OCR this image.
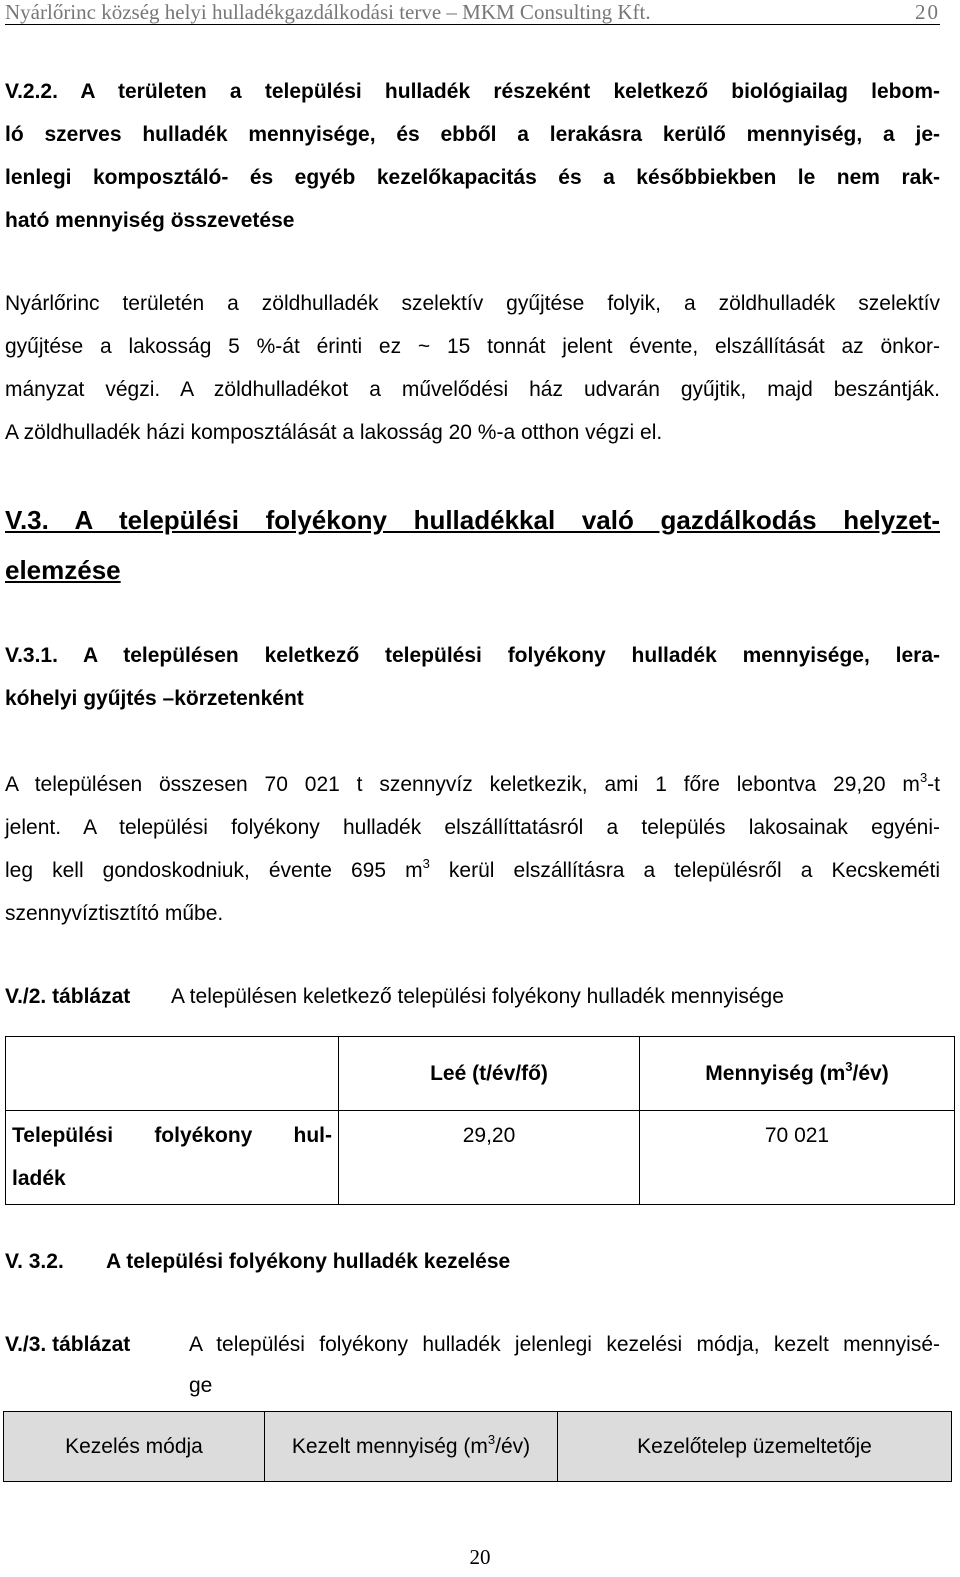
Nyárlőrinc község helyi hulladékgazdálkodási terve – MKM Consulting Kft.	20
V.2.2. A területen a települési hulladék részeként keletkező biológiailag lebom-
ló szerves hulladék mennyisége, és ebből a lerakásra kerülő mennyiség, a je-
lenlegi komposztáló- és egyéb kezelőkapacitás és a későbbiekben le nem rak-
ható mennyiség összevetése
Nyárlőrinc területén a zöldhulladék szelektív gyűjtése folyik, a zöldhulladék szelektív
gyűjtése a lakosság 5 %-át érinti ez ~ 15 tonnát jelent évente, elszállítását az önkor-
mányzat végzi. A zöldhulladékot a művelődési ház udvarán gyűjtik, majd beszántják.
A zöldhulladék házi komposztálását a lakosság 20 %-a otthon végzi el.
V.3. A települési folyékony hulladékkal való gazdálkodás helyzet-
elemzése
V.3.1. A településen keletkező települési folyékony hulladék mennyisége, lera-
kóhelyi gyűjtés –körzetenként
A településen összesen 70 021 t szennyvíz keletkezik, ami 1 főre lebontva 29,20 $m^3-t$
jelent. A települési folyékony hulladék elszállíttatásról a település lakosainak egyéni-
leg kell gondoskodniuk, évente 695 $m^3$ kerül elszállításra a településről a Kecskeméti
szennyvíztisztító műbe.
V./2. táblázat A településen keletkező települési folyékony hulladék mennyisége
	Leé (t/év/fő)	Mennyiség $(m^3/év)$

Települési folyékony hul-
ladék	29,20	70 021
V. 3.2. A települési folyékony hulladék kezelése
V./3. táblázat	A települési folyékony hulladék jelenlegi kezelési módja, kezelt mennyisé-
ge
Kezelés módja	Kezelt mennyiség $(m^3/év)$	Kezelőtelep üzemeltetője
20
